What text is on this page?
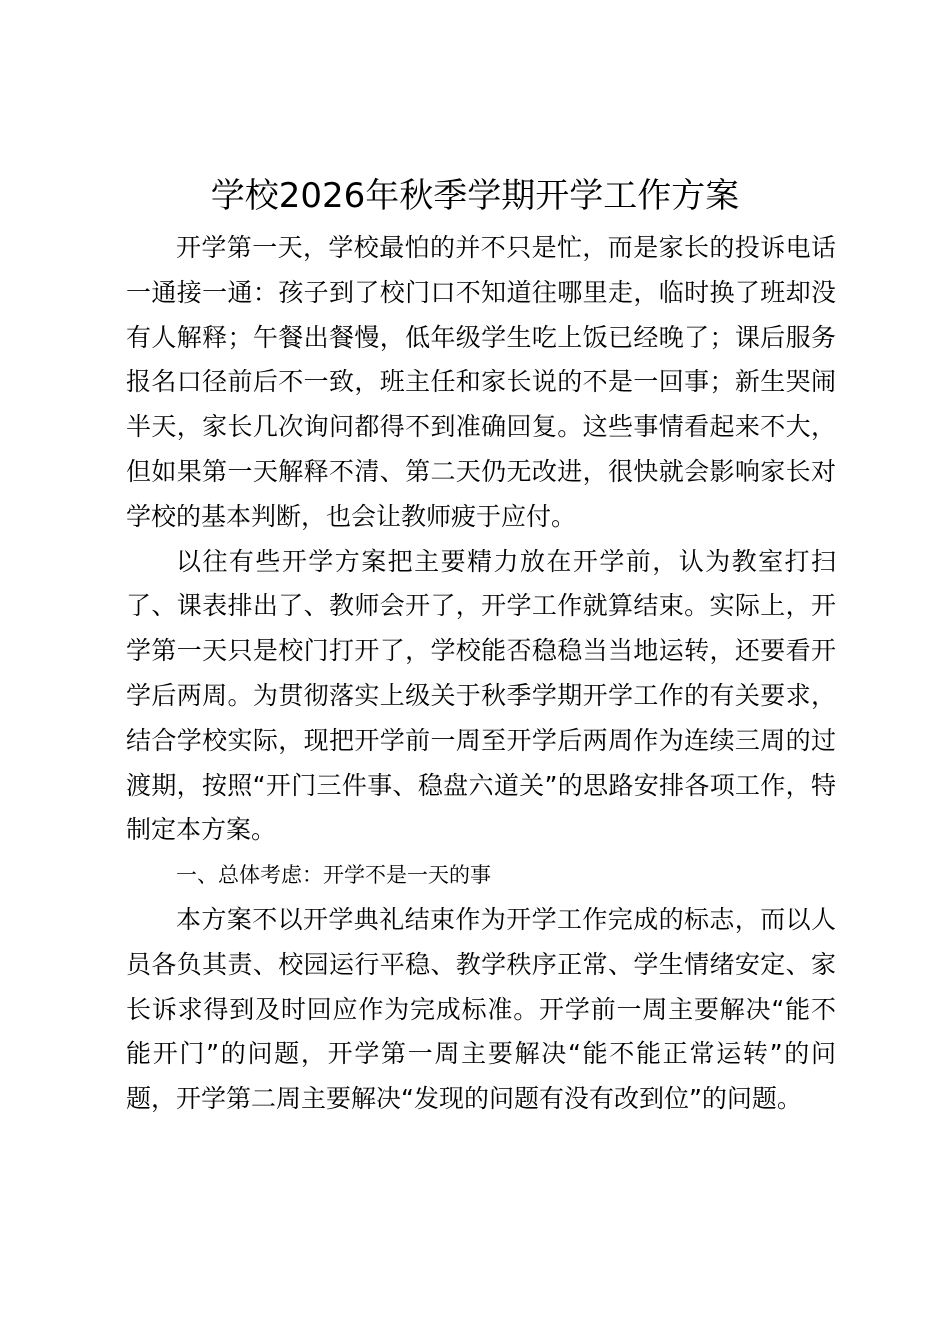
学校2026年秋季学期开学工作方案

开学第一天，学校最怕的并不只是忙，而是家长的投诉电话一通接一通：孩子到了校门口不知道往哪里走，临时换了班却没有人解释；午餐出餐慢，低年级学生吃上饭已经晚了；课后服务报名口径前后不一致，班主任和家长说的不是一回事；新生哭闹半天，家长几次询问都得不到准确回复。这些事情看起来不大，但如果第一天解释不清、第二天仍无改进，很快就会影响家长对学校的基本判断，也会让教师疲于应付。

以往有些开学方案把主要精力放在开学前，认为教室打扫了、课表排出了、教师会开了，开学工作就算结束。实际上，开学第一天只是校门打开了，学校能否稳稳当当地运转，还要看开学后两周。为贯彻落实上级关于秋季学期开学工作的有关要求，结合学校实际，现把开学前一周至开学后两周作为连续三周的过渡期，按照“开门三件事、稳盘六道关”的思路安排各项工作，特制定本方案。

一、总体考虑：开学不是一天的事

本方案不以开学典礼结束作为开学工作完成的标志，而以人员各负其责、校园运行平稳、教学秩序正常、学生情绪安定、家长诉求得到及时回应作为完成标准。开学前一周主要解决“能不能开门”的问题，开学第一周主要解决“能不能正常运转”的问题，开学第二周主要解决“发现的问题有没有改到位”的问题。
